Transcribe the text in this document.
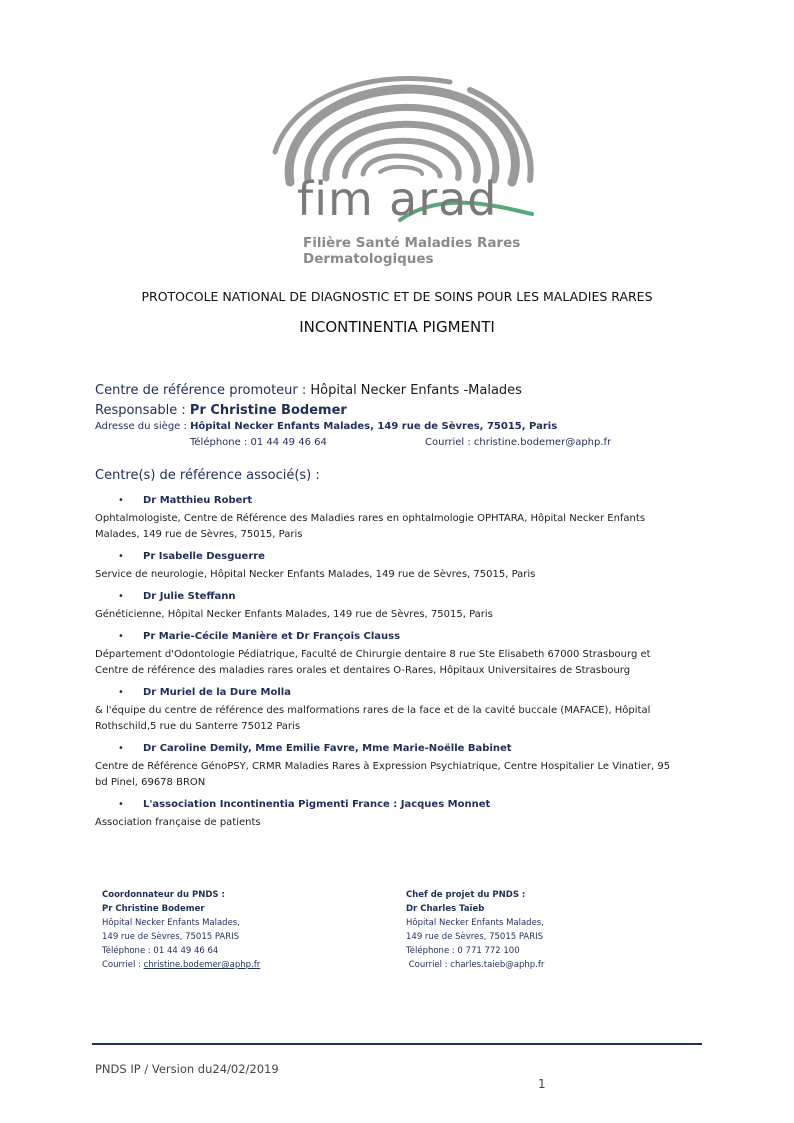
fim arad
Filière Santé Maladies Rares
Dermatologiques
PROTOCOLE NATIONAL DE DIAGNOSTIC ET DE SOINS POUR LES MALADIES RARES
INCONTINENTIA PIGMENTI
Centre de référence promoteur : Hôpital Necker Enfants -Malades
Responsable : Pr Christine Bodemer
Adresse du siège : Hôpital Necker Enfants Malades, 149 rue de Sèvres, 75015, Paris
Téléphone : 01 44 49 46 64	Courriel : christine.bodemer@aphp.fr
Centre(s) de référence associé(s) :
• Dr Matthieu Robert
Ophtalmologiste, Centre de Référence des Maladies rares en ophtalmologie OPHTARA, Hôpital Necker Enfants
Malades, 149 rue de Sèvres, 75015, Paris
• Pr Isabelle Desguerre
Service de neurologie, Hôpital Necker Enfants Malades, 149 rue de Sèvres, 75015, Paris
• Dr Julie Steffann
Généticienne, Hôpital Necker Enfants Malades, 149 rue de Sèvres, 75015, Paris
• Pr Marie-Cécile Manière et Dr François Clauss
Département d'Odontologie Pédiatrique, Faculté de Chirurgie dentaire 8 rue Ste Elisabeth 67000 Strasbourg et
Centre de référence des maladies rares orales et dentaires O-Rares, Hôpitaux Universitaires de Strasbourg
• Dr Muriel de la Dure Molla
& l'équipe du centre de référence des malformations rares de la face et de la cavité buccale (MAFACE), Hôpital
Rothschild,5 rue du Santerre 75012 Paris
• Dr Caroline Demily, Mme Emilie Favre, Mme Marie-Noëlle Babinet
Centre de Référence GénoPSY, CRMR Maladies Rares à Expression Psychiatrique, Centre Hospitalier Le Vinatier, 95
bd Pinel, 69678 BRON
• L'association Incontinentia Pigmenti France : Jacques Monnet
Association française de patients
Coordonnateur du PNDS :
Pr Christine Bodemer
Hôpital Necker Enfants Malades,
149 rue de Sèvres, 75015 PARIS
Téléphone : 01 44 49 46 64
Courriel : christine.bodemer@aphp.fr
Chef de projet du PNDS :
Dr Charles Taïeb
Hôpital Necker Enfants Malades,
149 rue de Sèvres, 75015 PARIS
Téléphone : 0 771 772 100
Courriel : charles.taieb@aphp.fr
PNDS IP / Version du24/02/2019
1
